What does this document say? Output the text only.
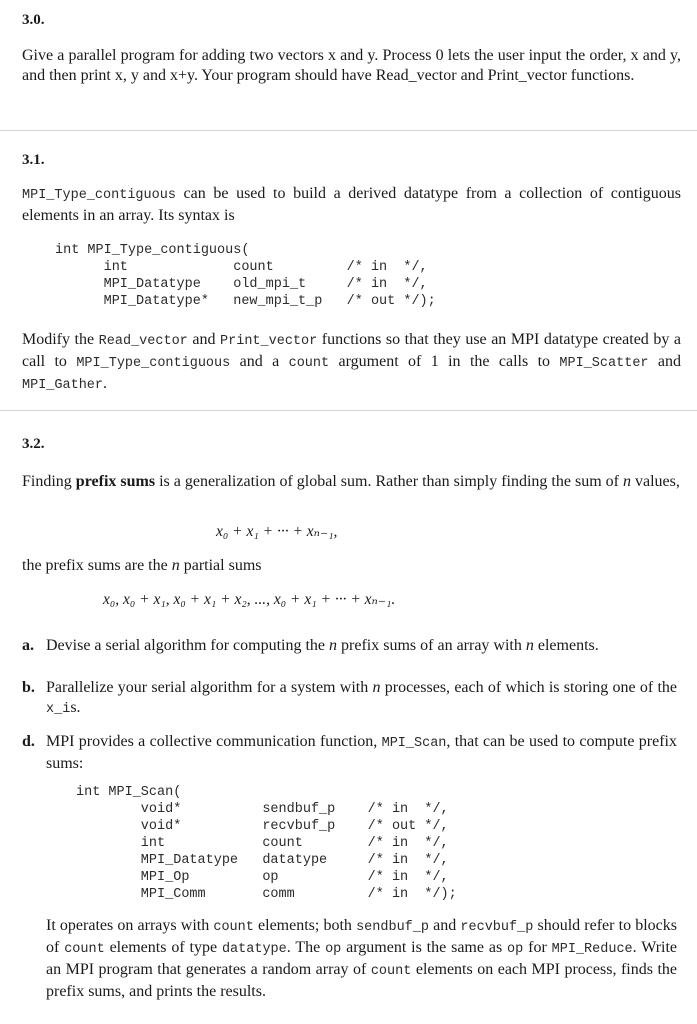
3.0.
Give a parallel program for adding two vectors x and y. Process 0 lets the user input the order, x and y, and then print x, y and x+y. Your program should have Read_vector and Print_vector functions.
3.1.
MPI_Type_contiguous can be used to build a derived datatype from a collection of contiguous elements in an array. Its syntax is
int MPI_Type_contiguous(
int             count         /* in  */,
MPI_Datatype    old_mpi_t     /* in  */,
MPI_Datatype*   new_mpi_t_p   /* out */);
Modify the Read_vector and Print_vector functions so that they use an MPI datatype created by a call to MPI_Type_contiguous and a count argument of 1 in the calls to MPI_Scatter and MPI_Gather.
3.2.
Finding prefix sums is a generalization of global sum. Rather than simply finding the sum of n values,
x₀ + x₁ + ··· + xₙ₋₁,
the prefix sums are the n partial sums
x₀, x₀ + x₁, x₀ + x₁ + x₂, ..., x₀ + x₁ + ··· + xₙ₋₁.
a. Devise a serial algorithm for computing the n prefix sums of an array with n elements.
b. Parallelize your serial algorithm for a system with n processes, each of which is storing one of the x_is.
d. MPI provides a collective communication function, MPI_Scan, that can be used to compute prefix sums:
int MPI_Scan(
void*          sendbuf_p    /* in  */,
void*          recvbuf_p    /* out */,
int            count        /* in  */,
MPI_Datatype   datatype     /* in  */,
MPI_Op         op           /* in  */,
MPI_Comm       comm         /* in  */);
It operates on arrays with count elements; both sendbuf_p and recvbuf_p should refer to blocks of count elements of type datatype. The op argument is the same as op for MPI_Reduce. Write an MPI program that generates a random array of count elements on each MPI process, finds the prefix sums, and prints the results.
